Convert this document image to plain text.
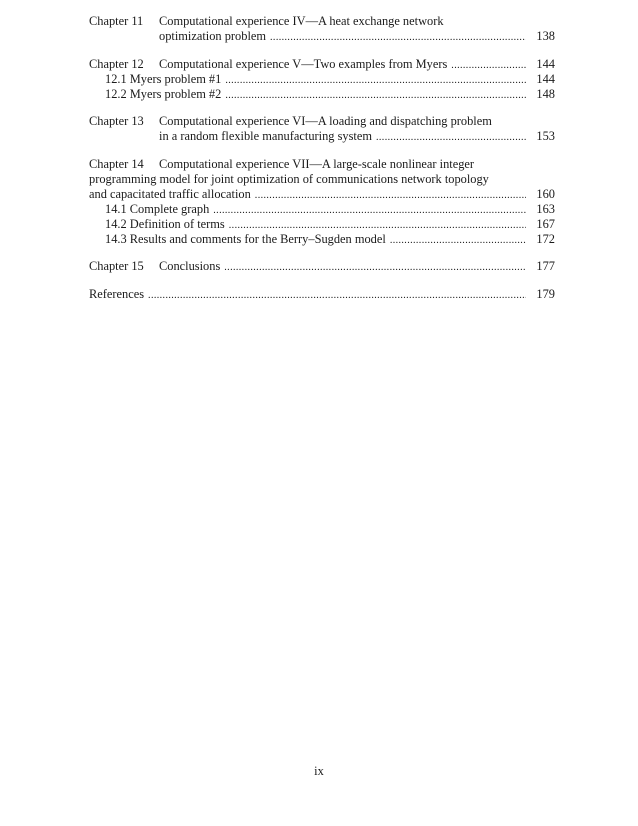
Chapter 11	Computational experience IV—A heat exchange network
optimization problem .....	138
Chapter 12 Computational experience V—Two examples from Myers .....	144
12.1 Myers problem #1 .....	144
12.2 Myers problem #2 .....	148
Chapter 13	Computational experience VI—A loading and dispatching problem
in a random flexible manufacturing system .....	153
Chapter 14	Computational experience VII—A large-scale nonlinear integer
programming model for joint optimization of communications network topology
and capacitated traffic allocation .....	160
14.1 Complete graph .....	163
14.2 Definition of terms .....	167
14.3 Results and comments for the Berry–Sugden model .....	172
Chapter 15 Conclusions .....	177
References .....	179
ix
